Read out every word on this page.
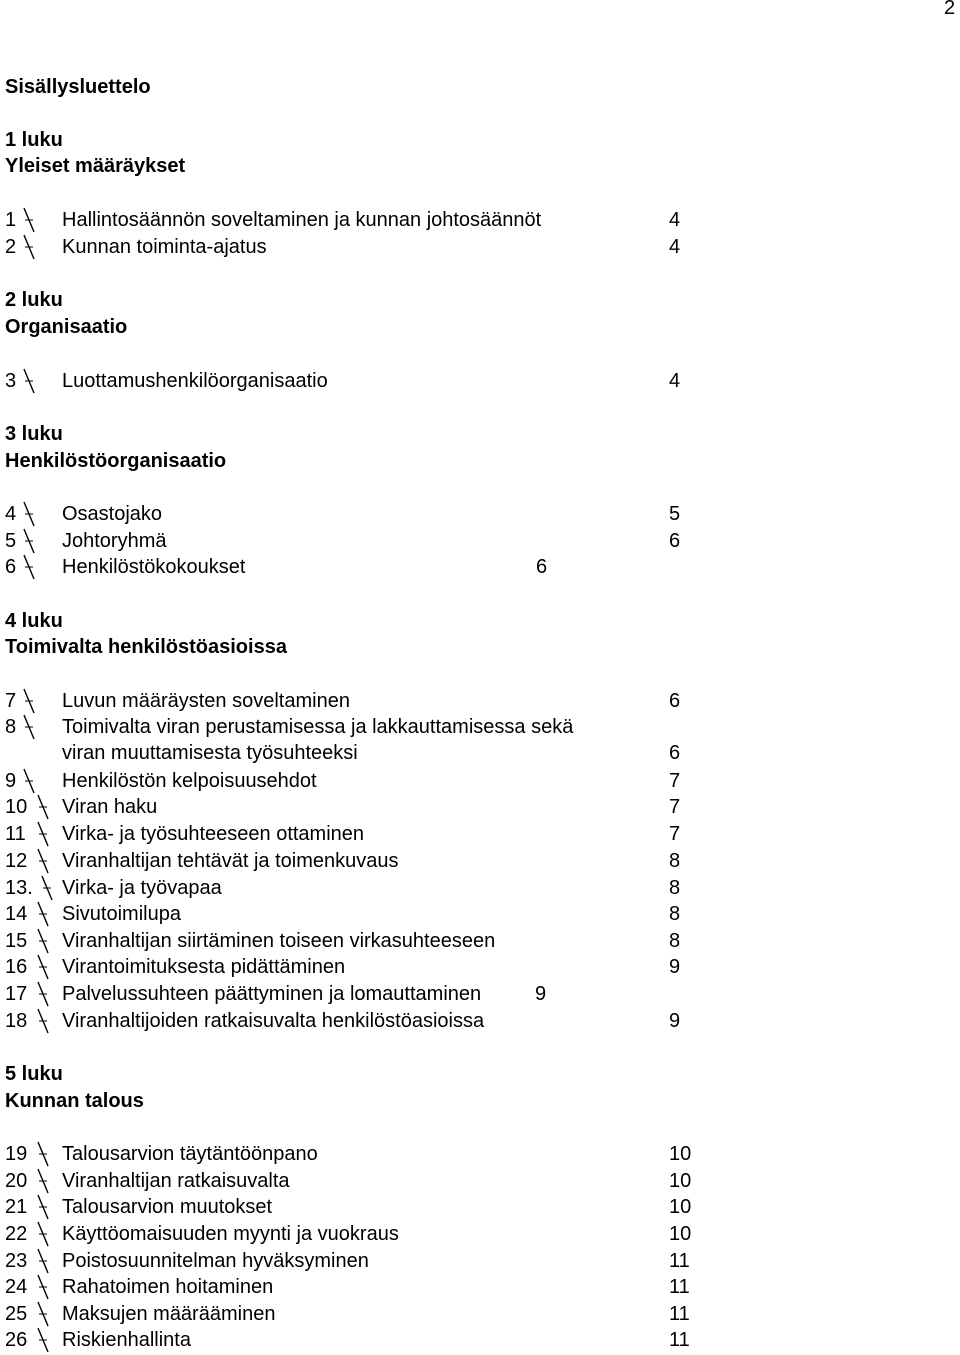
2
Sisällysluettelo
1 luku
Yleiset määräykset
1 Hallintosäännön soveltaminen ja kunnan johtosäännöt	4
2 Kunnan toiminta-ajatus	4
2 luku
Organisaatio
3 Luottamushenkilöorganisaatio	4
3 luku
Henkilöstöorganisaatio
4 Osastojako	5
5 Johtoryhmä	6
6 Henkilöstökokoukset	6
4 luku
Toimivalta henkilöstöasioissa
7 Luvun määräysten soveltaminen	6
8 Toimivalta viran perustamisessa ja lakkauttamisessa sekä
viran muuttamisesta työsuhteeksi	6
9 Henkilöstön kelpoisuusehdot	7
10 Viran haku	7
11 Virka- ja työsuhteeseen ottaminen	7
12 Viranhaltijan tehtävät ja toimenkuvaus	8
13. Virka- ja työvapaa	8
14 Sivutoimilupa	8
15 Viranhaltijan siirtäminen toiseen virkasuhteeseen	8
16 Virantoimituksesta pidättäminen	9
17 Palvelussuhteen päättyminen ja lomauttaminen	9
18 Viranhaltijoiden ratkaisuvalta henkilöstöasioissa	9
5 luku
Kunnan talous
19 Talousarvion täytäntöönpano	10
20 Viranhaltijan ratkaisuvalta	10
21 Talousarvion muutokset	10
22 Käyttöomaisuuden myynti ja vuokraus	10
23 Poistosuunnitelman hyväksyminen	11
24 Rahatoimen hoitaminen	11
25 Maksujen määrääminen	11
26 Riskienhallinta	11
